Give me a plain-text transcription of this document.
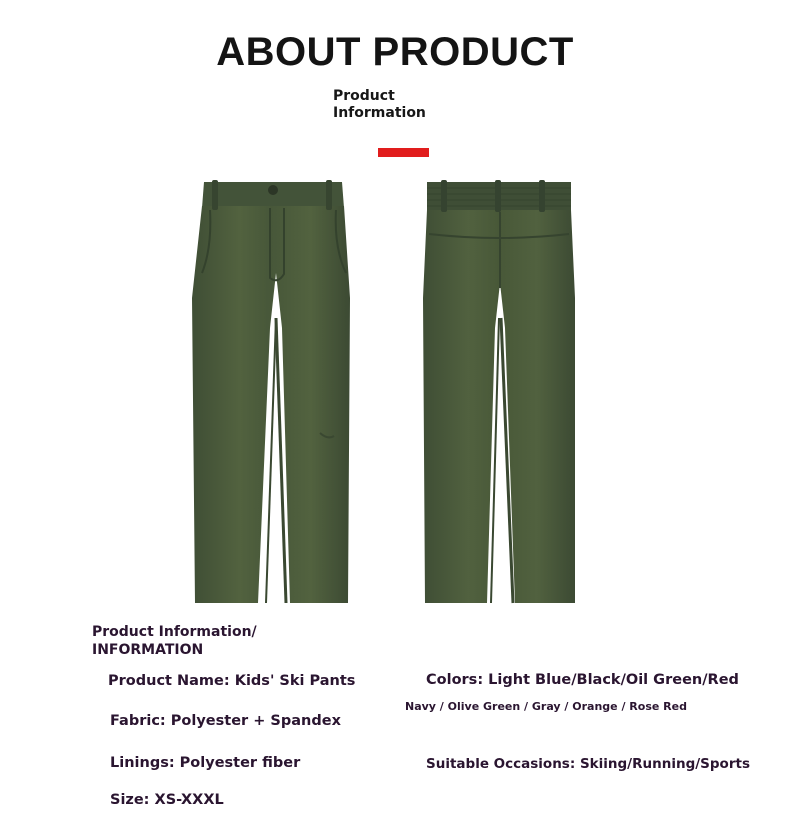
ABOUT PRODUCT
Product
Information
Product Information/
INFORMATION
Product Name: Kids' Ski Pants	Colors: Light Blue/Black/Oil Green/Red
Navy / Olive Green / Gray / Orange / Rose Red
Fabric: Polyester + Spandex
Linings: Polyester fiber	Suitable Occasions: Skiing/Running/Sports
Size: XS-XXXL
